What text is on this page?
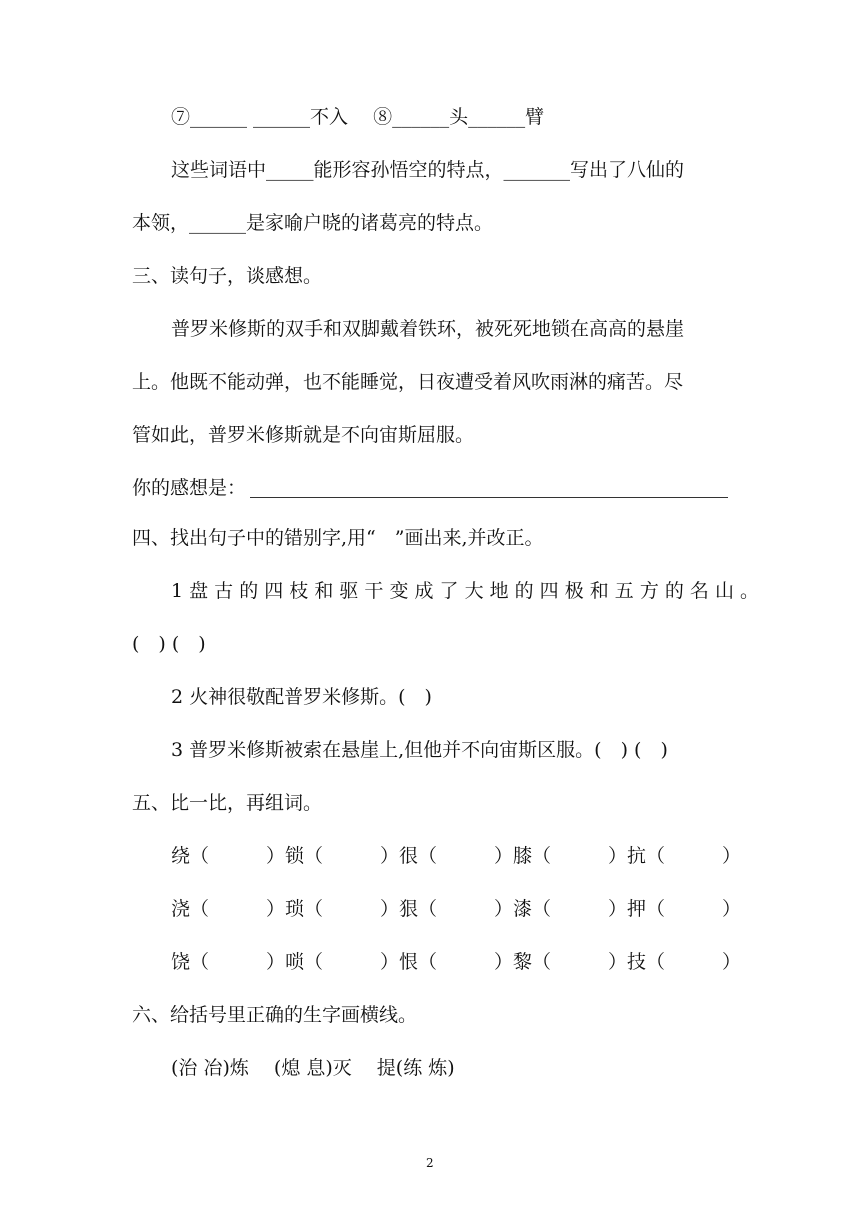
⑦______ ______不入　 ⑧______头______臂
这些词语中_____能形容孙悟空的特点，_______写出了八仙的
本领，______是家喻户晓的诸葛亮的特点。
三、读句子，谈感想。
普罗米修斯的双手和双脚戴着铁环，被死死地锁在高高的悬崖
上。他既不能动弹，也不能睡觉，日夜遭受着风吹雨淋的痛苦。尽
管如此，普罗米修斯就是不向宙斯屈服。
你的感想是：
四、找出句子中的错别字,用“　”画出来,并改正。
1 盘 古 的 四 枝 和 驱 干 变 成 了 大 地 的 四 极 和 五 方 的 名 山 。
(　) (　)
2 火神很敬配普罗米修斯。(　)
3 普罗米修斯被索在悬崖上,但他并不向宙斯区服。(　) (　)
五、比一比，再组词。
绕（　　　）锁（　　　）很（　　　）膝（　　　）抗（　　　）
浇（　　　）琐（　　　）狠（　　　）漆（　　　）押（　　　）
饶（　　　）唢（　　　）恨（　　　）黎（　　　）技（　　　）
六、给括号里正确的生字画横线。
(治 冶)炼　 (熄 息)灭　 提(练 炼)
2
